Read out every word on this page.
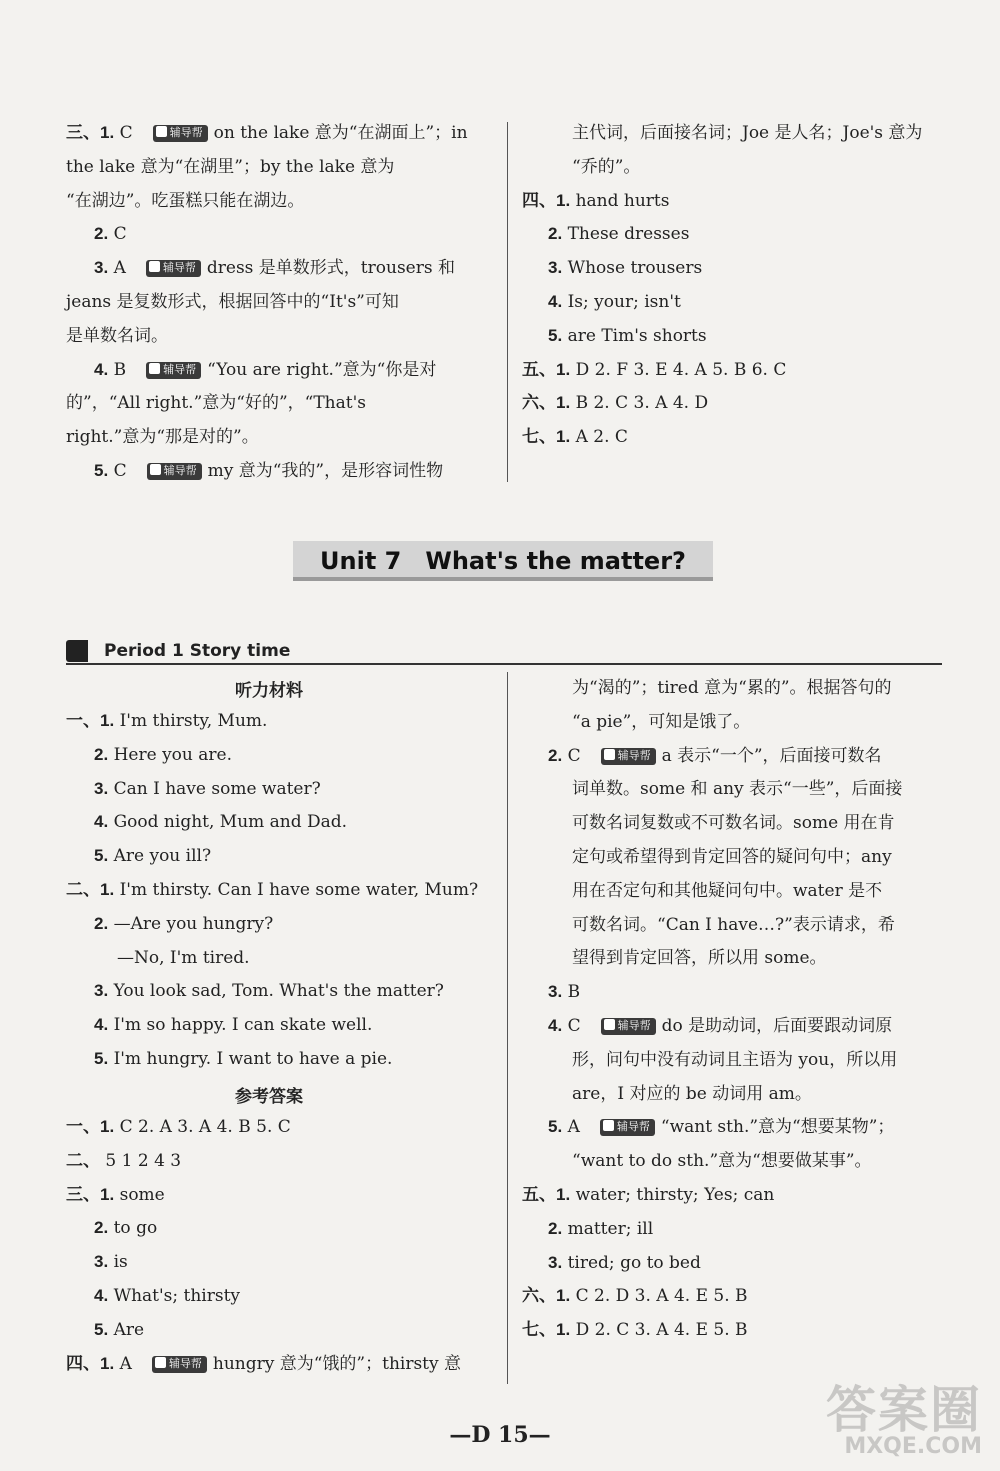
三、1. C	辅导帮 on the lake 意为“在湖面上”；in
the lake 意为“在湖里”；by the lake 意为
“在湖边”。吃蛋糕只能在湖边。
2. C
3. A	辅导帮 dress 是单数形式，trousers 和
jeans 是复数形式，根据回答中的“It's”可知
是单数名词。
4. B	辅导帮 “You are right.”意为“你是对
的”，“All right.”意为“好的”，“That's
right.”意为“那是对的”。
5. C	辅导帮 my 意为“我的”，是形容词性物
主代词，后面接名词；Joe 是人名；Joe's 意为
“乔的”。
四、1. hand hurts
2. These dresses
3. Whose trousers
4. Is; your; isn't
5. are Tim's shorts
五、1. D 2. F 3. E 4. A 5. B 6. C
六、1. B 2. C 3. A 4. D
七、1. A 2. C
Unit 7 What's the matter?
Period 1 Story time
听力材料
参考答案
一、1. I'm thirsty, Mum.
2. Here you are.
3. Can I have some water?
4. Good night, Mum and Dad.
5. Are you ill?
二、1. I'm thirsty. Can I have some water, Mum?
2. —Are you hungry?
—No, I'm tired.
3. You look sad, Tom. What's the matter?
4. I'm so happy. I can skate well.
5. I'm hungry. I want to have a pie.
一、1. C 2. A 3. A 4. B 5. C
二、 5 1 2 4 3
三、1. some
2. to go
3. is
4. What's; thirsty
5. Are
四、1. A	辅导帮 hungry 意为“饿的”；thirsty 意
为“渴的”；tired 意为“累的”。根据答句的
“a pie”，可知是饿了。
2. C	辅导帮 a 表示“一个”，后面接可数名
词单数。some 和 any 表示“一些”，后面接
可数名词复数或不可数名词。some 用在肯
定句或希望得到肯定回答的疑问句中；any
用在否定句和其他疑问句中。water 是不
可数名词。“Can I have…?”表示请求，希
望得到肯定回答，所以用 some。
3. B
4. C	辅导帮 do 是助动词，后面要跟动词原
形，问句中没有动词且主语为 you，所以用
are，I 对应的 be 动词用 am。
5. A	辅导帮 “want sth.”意为“想要某物”；
“want to do sth.”意为“想要做某事”。
五、1. water; thirsty; Yes; can
2. matter; ill
3. tired; go to bed
六、1. C 2. D 3. A 4. E 5. B
七、1. D 2. C 3. A 4. E 5. B
—D 15—	答案圈
MXQE.COM
